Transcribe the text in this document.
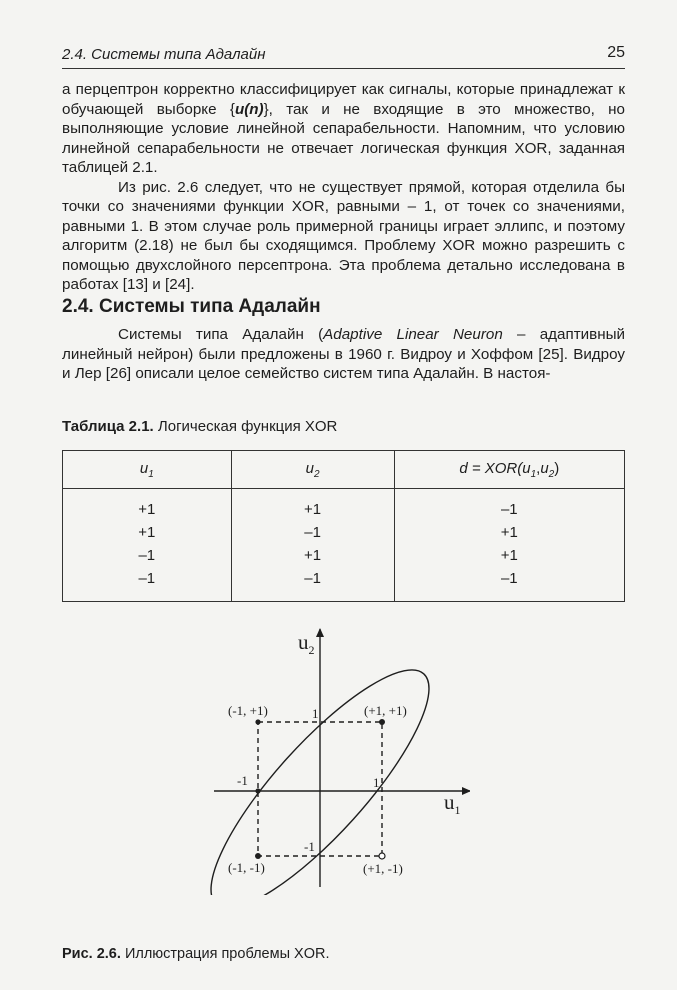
2.4. Системы типа Адалайн	25

а перцептрон корректно классифицирует как сигналы, которые принадлежат к обучающей выборке {u(n)}, так и не входящие в это множество, но выполняющие условие линейной сепарабельности. Напомним, что условию линейной сепарабельности не отвечает логическая функция XOR, заданная таблицей 2.1.

Из рис. 2.6 следует, что не существует прямой, которая отделила бы точки со значениями функции XOR, равными – 1, от точек со значениями, равными 1. В этом случае роль примерной границы играет эллипс, и поэтому алгоритм (2.18) не был бы сходящимся. Проблему XOR можно разрешить с помощью двухслойного персептрона. Эта проблема детально исследована в работах [13] и [24].

2.4. Системы типа Адалайн

Системы типа Адалайн (Adaptive Linear Neuron – адаптивный линейный нейрон) были предложены в 1960 г. Видроу и Хоффом [25]. Видроу и Лер [26] описали целое семейство систем типа Адалайн. В настоя-

Таблица 2.1. Логическая функция XOR
$u_1$	$u_2$	$d = XOR(u_1,u_2)$
+1	+1	–1
+1	–1	+1
–1	+1	+1
–1	–1	–1
$u_2$
$u_1$
1
-1
1
-1
(-1, +1)	(+1, +1)
(-1, -1)	(+1, -1)
Рис. 2.6. Иллюстрация проблемы XOR.
